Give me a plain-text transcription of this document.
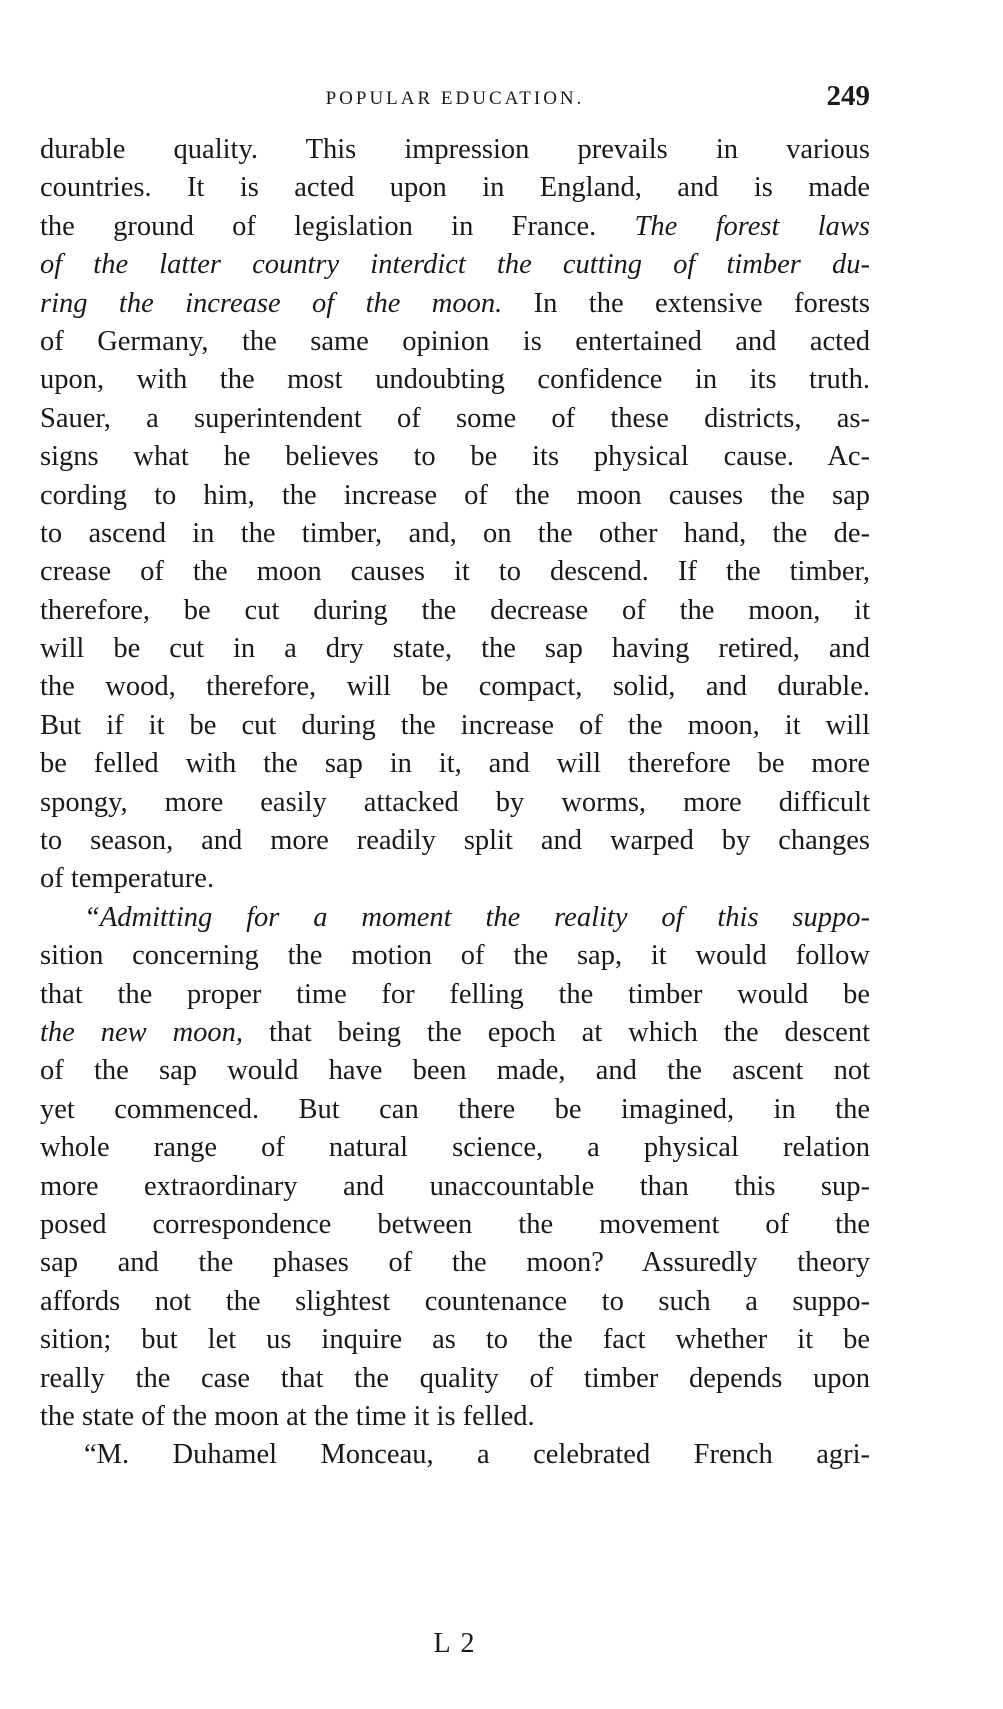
POPULAR EDUCATION.	249
durable quality. This impression prevails in various
countries. It is acted upon in England, and is made
the ground of legislation in France. The forest laws
of the latter country interdict the cutting of timber du-
ring the increase of the moon. In the extensive forests
of Germany, the same opinion is entertained and acted
upon, with the most undoubting confidence in its truth.
Sauer, a superintendent of some of these districts, as-
signs what he believes to be its physical cause. Ac-
cording to him, the increase of the moon causes the sap
to ascend in the timber, and, on the other hand, the de-
crease of the moon causes it to descend. If the timber,
therefore, be cut during the decrease of the moon, it
will be cut in a dry state, the sap having retired, and
the wood, therefore, will be compact, solid, and durable.
But if it be cut during the increase of the moon, it will
be felled with the sap in it, and will therefore be more
spongy, more easily attacked by worms, more difficult
to season, and more readily split and warped by changes
of temperature.
“Admitting for a moment the reality of this suppo-
sition concerning the motion of the sap, it would follow
that the proper time for felling the timber would be
the new moon, that being the epoch at which the descent
of the sap would have been made, and the ascent not
yet commenced. But can there be imagined, in the
whole range of natural science, a physical relation
more extraordinary and unaccountable than this sup-
posed correspondence between the movement of the
sap and the phases of the moon? Assuredly theory
affords not the slightest countenance to such a suppo-
sition; but let us inquire as to the fact whether it be
really the case that the quality of timber depends upon
the state of the moon at the time it is felled.
“M. Duhamel Monceau, a celebrated French agri-
L 2
